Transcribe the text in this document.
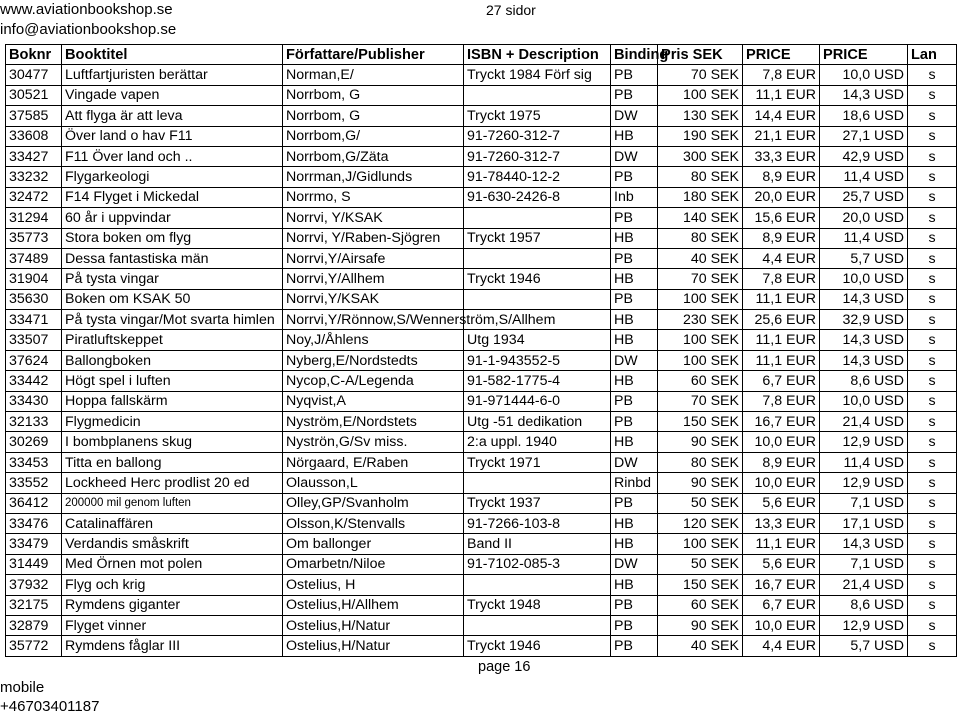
www.aviationbookshop.se
info@aviationbookshop.se
27 sidor
Boknr	Booktitel	Författare/Publisher	ISBN + Description	Binding	Pris SEK	PRICE	PRICE	Lan
30477	Luftfartjuristen berättar	Norman,E/	Tryckt 1984 Förf sig	PB	70 SEK	7,8 EUR	10,0 USD	s
30521	Vingade vapen	Norrbom, G		PB	100 SEK	11,1 EUR	14,3 USD	s
37585	Att flyga är att leva	Norrbom, G	Tryckt 1975	DW	130 SEK	14,4 EUR	18,6 USD	s
33608	Över land o hav F11	Norrbom,G/	91-7260-312-7	HB	190 SEK	21,1 EUR	27,1 USD	s
33427	F11 Över land och ..	Norrbom,G/Zäta	91-7260-312-7	DW	300 SEK	33,3 EUR	42,9 USD	s
33232	Flygarkeologi	Norrman,J/Gidlunds	91-78440-12-2	PB	80 SEK	8,9 EUR	11,4 USD	s
32472	F14 Flyget i Mickedal	Norrmo, S	91-630-2426-8	Inb	180 SEK	20,0 EUR	25,7 USD	s
31294	60 år i uppvindar	Norrvi, Y/KSAK		PB	140 SEK	15,6 EUR	20,0 USD	s
35773	Stora boken om flyg	Norrvi, Y/Raben-Sjögren	Tryckt 1957	HB	80 SEK	8,9 EUR	11,4 USD	s
37489	Dessa fantastiska män	Norrvi,Y/Airsafe		PB	40 SEK	4,4 EUR	5,7 USD	s
31904	På tysta vingar	Norrvi,Y/Allhem	Tryckt 1946	HB	70 SEK	7,8 EUR	10,0 USD	s
35630	Boken om KSAK 50	Norrvi,Y/KSAK		PB	100 SEK	11,1 EUR	14,3 USD	s
33471	På tysta vingar/Mot svarta himlen	Norrvi,Y/Rönnow,S/Wennerström,S/Allhem		HB	230 SEK	25,6 EUR	32,9 USD	s
33507	Piratluftskeppet	Noy,J/Åhlens	Utg 1934	HB	100 SEK	11,1 EUR	14,3 USD	s
37624	Ballongboken	Nyberg,E/Nordstedts	91-1-943552-5	DW	100 SEK	11,1 EUR	14,3 USD	s
33442	Högt spel i luften	Nycop,C-A/Legenda	91-582-1775-4	HB	60 SEK	6,7 EUR	8,6 USD	s
33430	Hoppa fallskärm	Nyqvist,A	91-971444-6-0	PB	70 SEK	7,8 EUR	10,0 USD	s
32133	Flygmedicin	Nyström,E/Nordstets	Utg -51 dedikation	PB	150 SEK	16,7 EUR	21,4 USD	s
30269	I bombplanens skug	Nyströn,G/Sv miss.	2:a uppl. 1940	HB	90 SEK	10,0 EUR	12,9 USD	s
33453	Titta en ballong	Nörgaard, E/Raben	Tryckt 1971	DW	80 SEK	8,9 EUR	11,4 USD	s
33552	Lockheed Herc prodlist 20 ed	Olausson,L		Rinbd	90 SEK	10,0 EUR	12,9 USD	s
36412	200000 mil genom luften	Olley,GP/Svanholm	Tryckt 1937	PB	50 SEK	5,6 EUR	7,1 USD	s
33476	Catalinaffären	Olsson,K/Stenvalls	91-7266-103-8	HB	120 SEK	13,3 EUR	17,1 USD	s
33479	Verdandis småskrift	Om ballonger	Band II	HB	100 SEK	11,1 EUR	14,3 USD	s
31449	Med Örnen mot polen	Omarbetn/Niloe	91-7102-085-3	DW	50 SEK	5,6 EUR	7,1 USD	s
37932	Flyg och krig	Ostelius, H		HB	150 SEK	16,7 EUR	21,4 USD	s
32175	Rymdens giganter	Ostelius,H/Allhem	Tryckt 1948	PB	60 SEK	6,7 EUR	8,6 USD	s
32879	Flyget vinner	Ostelius,H/Natur		PB	90 SEK	10,0 EUR	12,9 USD	s
35772	Rymdens fåglar III	Ostelius,H/Natur	Tryckt 1946	PB	40 SEK	4,4 EUR	5,7 USD	s
page 16
mobile
+46703401187
